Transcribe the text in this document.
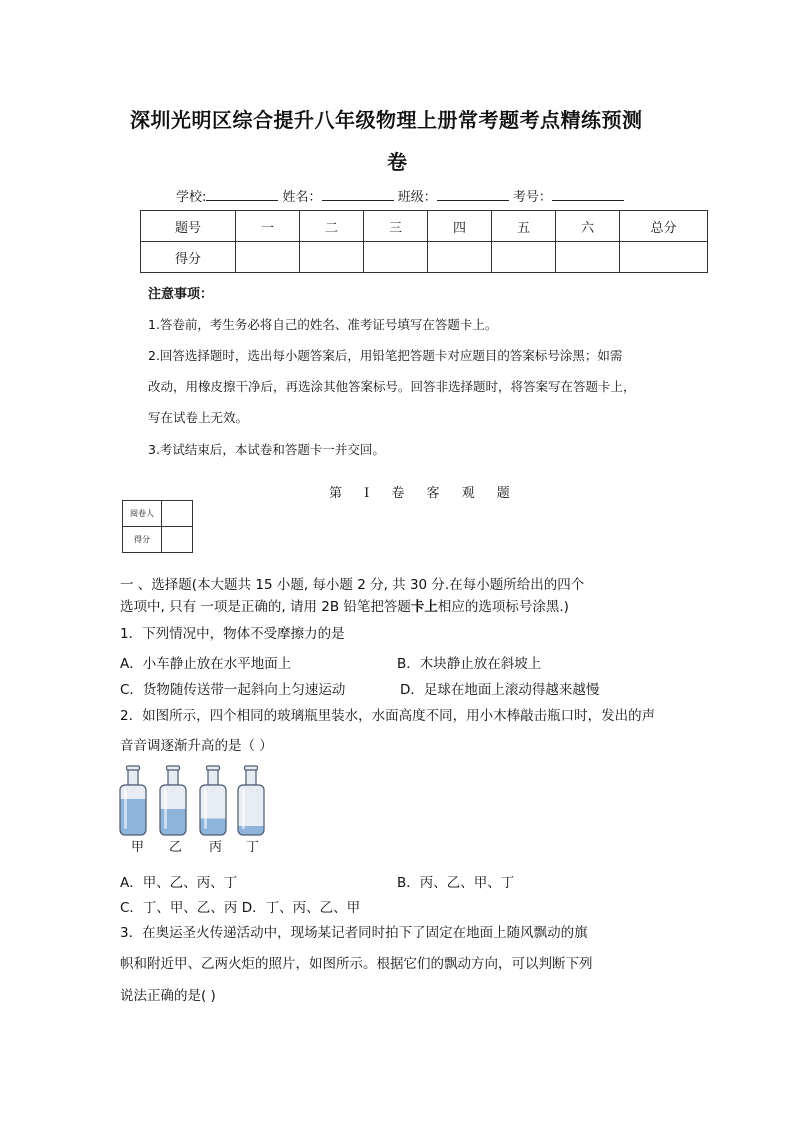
深圳光明区综合提升八年级物理上册常考题考点精练预测
卷
学校:	姓名：	班级：	考号：
题号	一	二	三	四	五	六	总分
得分							
注意事项：
1.答卷前，考生务必将自己的姓名、准考证号填写在答题卡上。
2.回答选择题时，选出每小题答案后，用铅笔把答题卡对应题目的答案标号涂黑；如需
改动，用橡皮擦干净后，再选涂其他答案标号。回答非选择题时，将答案写在答题卡上，
写在试卷上无效。
3.考试结束后，本试卷和答题卡一并交回。
第 Ⅰ 卷 客 观 题
阅卷人	
得分	
一 、选择题(本大题共 15 小题, 每小题 2 分, 共 30 分.在每小题所给出的四个
选项中, 只有 一项是正确的, 请用 2B 铅笔把答题卡上相应的选项标号涂黑.)
1．下列情况中，物体不受摩擦力的是
A．小车静止放在水平地面上	B．木块静止放在斜坡上
C．货物随传送带一起斜向上匀速运动	D．足球在地面上滚动得越来越慢
2．如图所示，四个相同的玻璃瓶里装水，水面高度不同，用小木棒敲击瓶口时，发出的声
音音调逐渐升高的是（ ）
甲 乙 丙 丁
A．甲、乙、丙、丁	B．丙、乙、甲、丁
C．丁、甲、乙、丙 D．丁、丙、乙、甲
3．在奥运圣火传递活动中，现场某记者同时拍下了固定在地面上随风飘动的旗
帜和附近甲、乙两火炬的照片，如图所示。根据它们的飘动方向，可以判断下列
说法正确的是( )
